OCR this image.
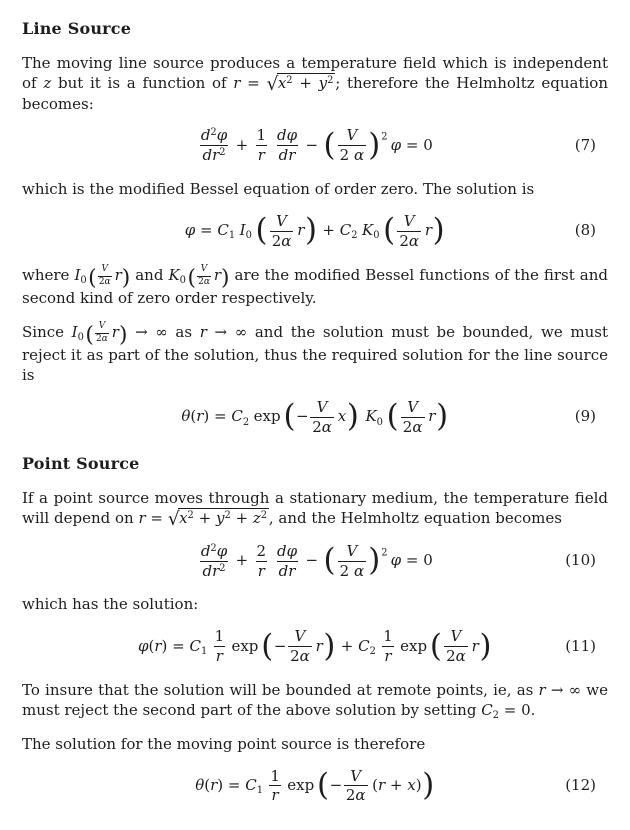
Line Source

The moving line source produces a temperature field which is independent of z but it is a function of $r = √x^2 + y^2$ ; therefore the Helmholtz equation becomes:

$\frac{d^2\varphi}{dr^2} + \frac{1}{r} \frac{d\varphi}{dr}$ − ( $\frac{V}{2 \alpha}$ ) 2 φ = 0	(7)

which is the modified Bessel equation of order zero. The solution is

φ = C 1 I 0 ( $\frac{V}{2\alpha}$ r ) + C 2 K 0 ( $\frac{V}{2\alpha}$ r )	(8)

where $I_0( \frac{V}{2\alpha} r)$ and $K_0( \frac{V}{2\alpha} r)$ are the modified Bessel functions of the first and second kind of zero order respectively.

Since $I_0( \frac{V}{2\alpha} r)$ → ∞ as r → ∞ and the solution must be bounded, we must reject it as part of the solution, thus the required solution for the line source is

θ ( r ) = C 2 exp ( − $\frac{V}{2\alpha}$ x ) K 0 ( $\frac{V}{2\alpha}$ r )	(9)
Point Source

If a point source moves through a stationary medium, the temperature field will depend on $r = √x^2 + y^2 + z^2$ , and the Helmholtz equation becomes

$\frac{d^2\varphi}{dr^2} + \frac{2}{r} \frac{d\varphi}{dr}$ − ( $\frac{V}{2 \alpha}$ ) 2 φ = 0	(10)

which has the solution:

φ ( r ) = C $1 \frac{1}{r}$ exp ( − $\frac{V}{2\alpha}$ r ) + C $2 \frac{1}{r}$ exp ( $\frac{V}{2\alpha}$ r )	(11)

To insure that the solution will be bounded at remote points, ie, as r → ∞ we must reject the second part of the above solution by setting $C_2 = 0$.

The solution for the moving point source is therefore

θ ( r ) = C $1 \frac{1}{r}$ exp ( − $\frac{V}{2\alpha}$ ( r + x ) )	(12)
